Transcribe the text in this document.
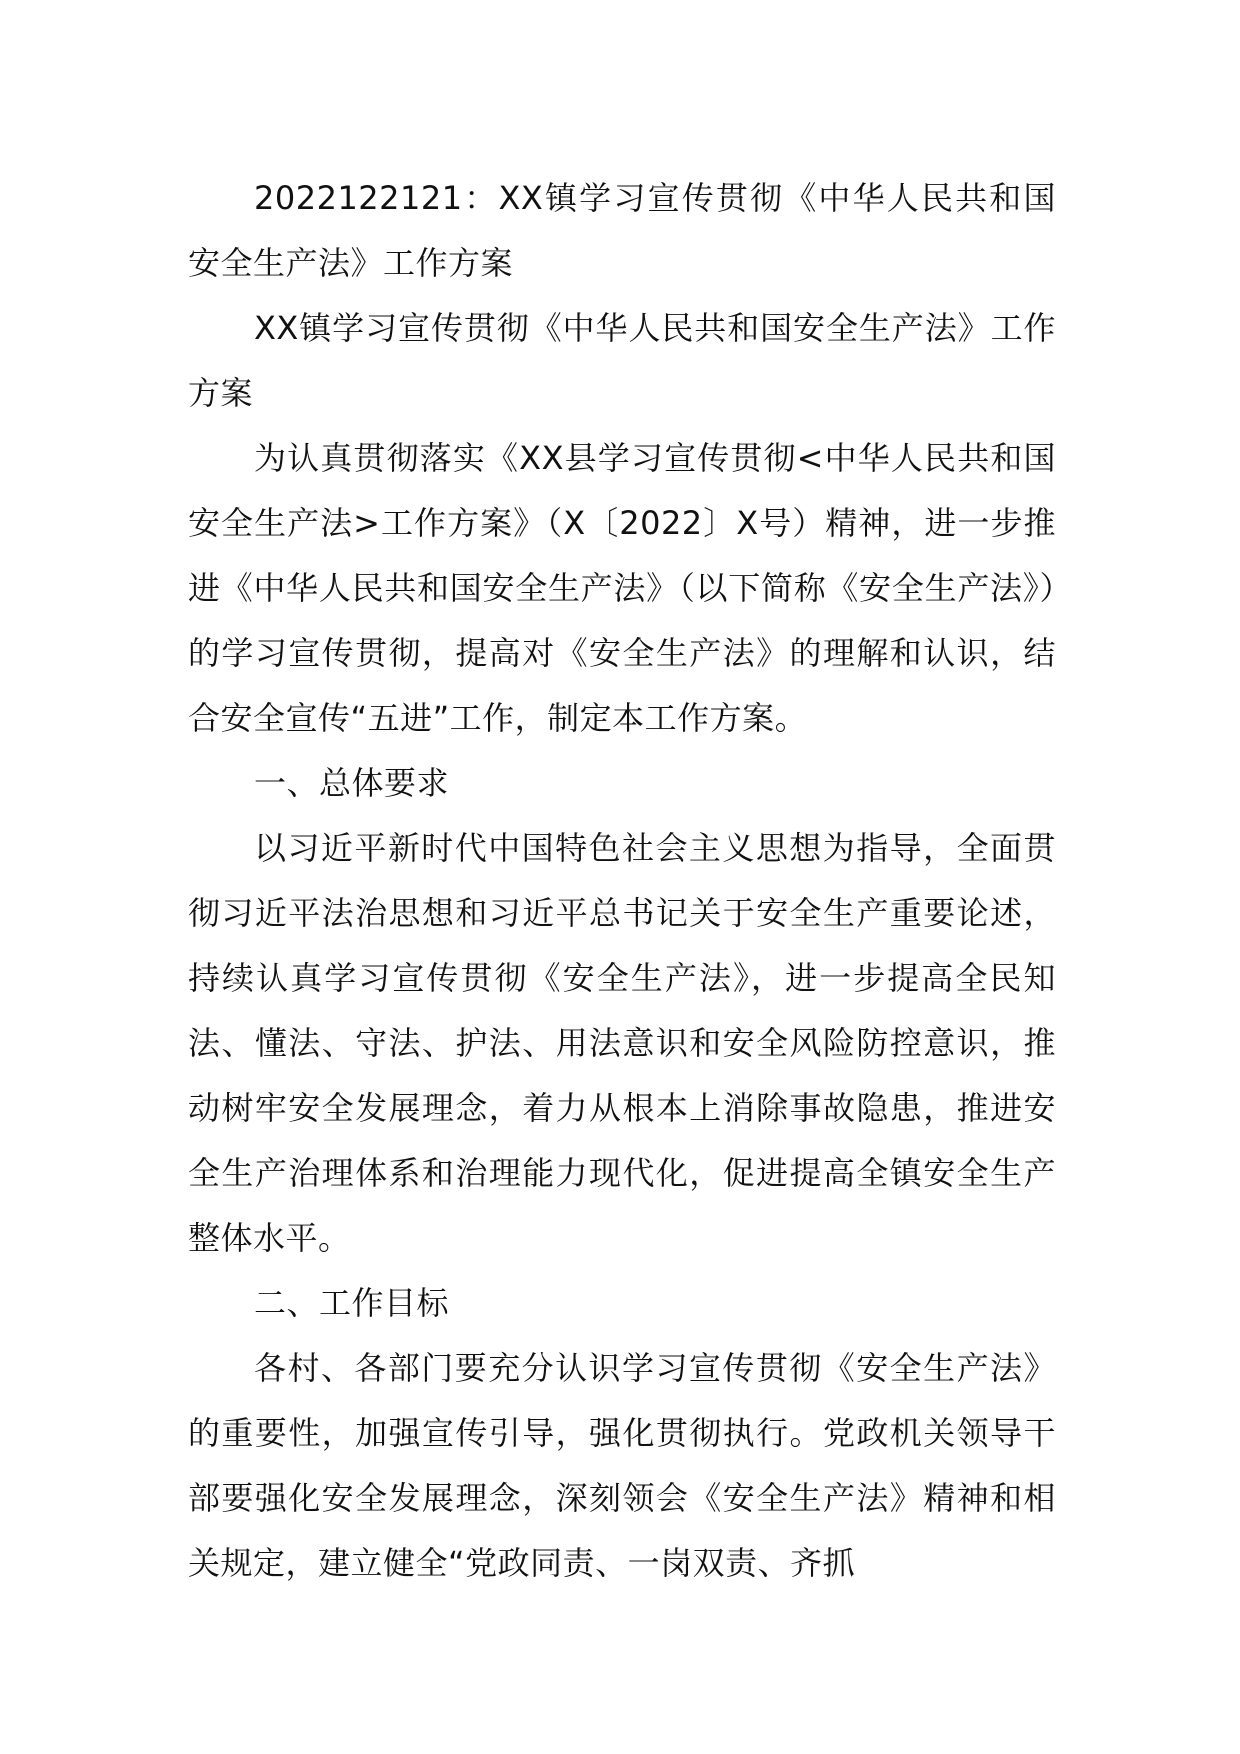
2022122121：XX镇学习宣传贯彻《中华人民共和国安全生产法》工作方案

XX镇学习宣传贯彻《中华人民共和国安全生产法》工作方案

为认真贯彻落实《XX县学习宣传贯彻<中华人民共和国安全生产法>工作方案》（X〔2022〕X号）精神，进一步推进《中华人民共和国安全生产法》（以下简称《安全生产法》）的学习宣传贯彻，提高对《安全生产法》的理解和认识，结合安全宣传“五进”工作，制定本工作方案。

一、总体要求

以习近平新时代中国特色社会主义思想为指导，全面贯彻习近平法治思想和习近平总书记关于安全生产重要论述，持续认真学习宣传贯彻《安全生产法》，进一步提高全民知法、懂法、守法、护法、用法意识和安全风险防控意识，推动树牢安全发展理念，着力从根本上消除事故隐患，推进安全生产治理体系和治理能力现代化，促进提高全镇安全生产整体水平。

二、工作目标

各村、各部门要充分认识学习宣传贯彻《安全生产法》的重要性，加强宣传引导，强化贯彻执行。党政机关领导干部要强化安全发展理念，深刻领会《安全生产法》精神和相关规定，建立健全“党政同责、一岗双责、齐抓
